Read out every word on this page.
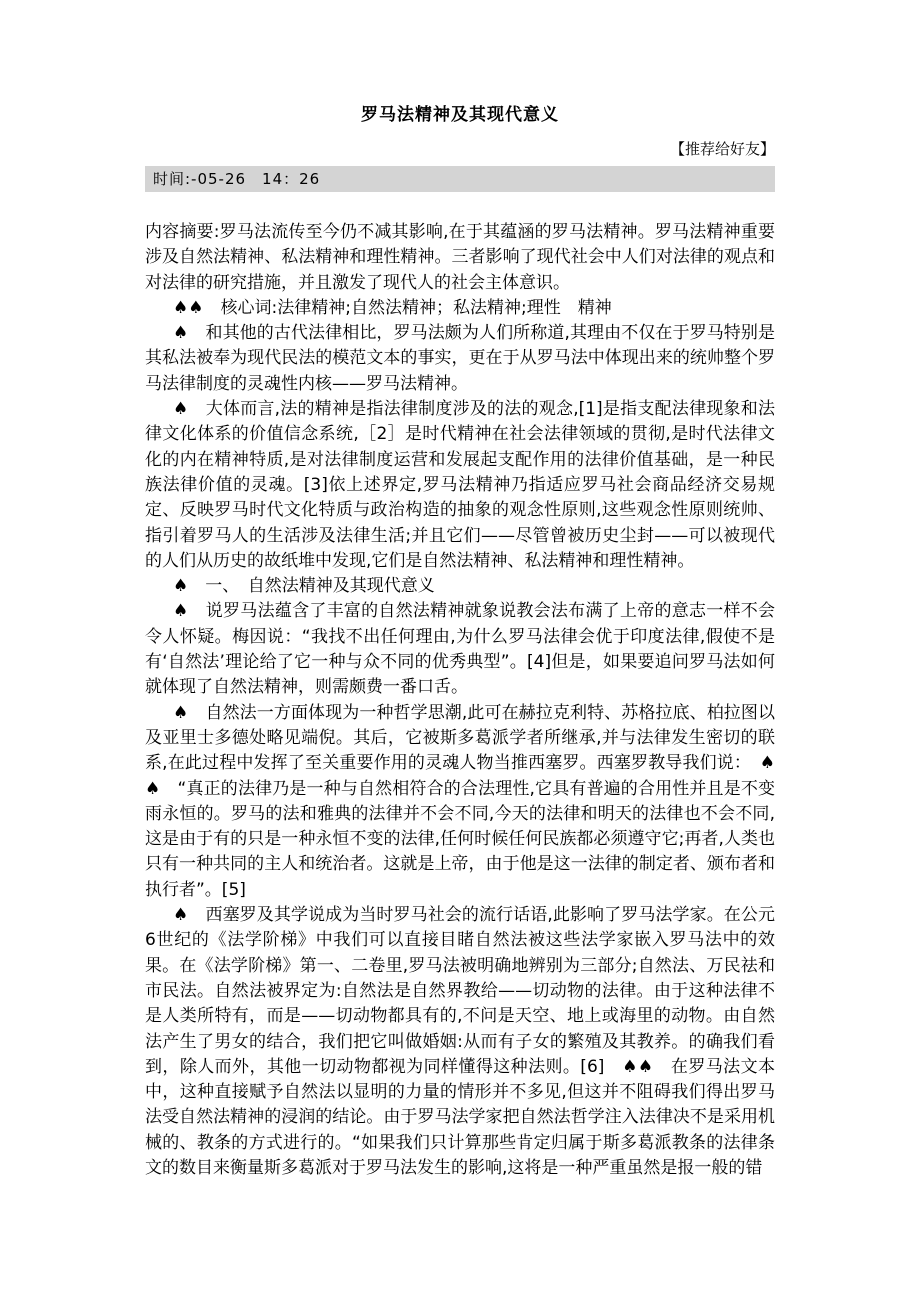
罗马法精神及其现代意义
【推荐给好友】
时间:-05-26　14：26

内容摘要:罗马法流传至今仍不减其影响,在于其蕴涵的罗马法精神。罗马法精神重要涉及自然法精神、私法精神和理性精神。三者影响了现代社会中人们对法律的观点和对法律的研究措施，并且激发了现代人的社会主体意识。

♠♠　核心词:法律精神;自然法精神；私法精神;理性　精神

♠　和其他的古代法律相比，罗马法颇为人们所称道,其理由不仅在于罗马特别是其私法被奉为现代民法的模范文本的事实，更在于从罗马法中体现出来的统帅整个罗马法律制度的灵魂性内核——罗马法精神。

♠　大体而言,法的精神是指法律制度涉及的法的观念,[1]是指支配法律现象和法律文化体系的价值信念系统,［2］是时代精神在社会法律领域的贯彻,是时代法律文化的内在精神特质,是对法律制度运营和发展起支配作用的法律价值基础，是一种民族法律价值的灵魂。[3]依上述界定,罗马法精神乃指适应罗马社会商品经济交易规定、反映罗马时代文化特质与政治构造的抽象的观念性原则,这些观念性原则统帅、指引着罗马人的生活涉及法律生活;并且它们——尽管曾被历史尘封——可以被现代的人们从历史的故纸堆中发现,它们是自然法精神、私法精神和理性精神。

♠　一、　自然法精神及其现代意义

♠　说罗马法蕴含了丰富的自然法精神就象说教会法布满了上帝的意志一样不会令人怀疑。梅因说：“我找不出任何理由,为什么罗马法律会优于印度法律,假使不是有‘自然法’理论给了它一种与众不同的优秀典型”。[4]但是，如果要追问罗马法如何就体现了自然法精神，则需颇费一番口舌。

♠　自然法一方面体现为一种哲学思潮,此可在赫拉克利特、苏格拉底、柏拉图以及亚里士多德处略见端倪。其后，它被斯多葛派学者所继承,并与法律发生密切的联系,在此过程中发挥了至关重要作用的灵魂人物当推西塞罗。西塞罗教导我们说：　♠♠　“真正的法律乃是一种与自然相符合的合法理性,它具有普遍的合用性并且是不变雨永恒的。罗马的法和雅典的法律并不会不同,今天的法律和明天的法律也不会不同,这是由于有的只是一种永恒不变的法律,任何时候任何民族都必须遵守它;再者,人类也只有一种共同的主人和统治者。这就是上帝，由于他是这一法律的制定者、颁布者和执行者”。[5]

♠　西塞罗及其学说成为当时罗马社会的流行话语,此影响了罗马法学家。在公元6世纪的《法学阶梯》中我们可以直接目睹自然法被这些法学家嵌入罗马法中的效果。在《法学阶梯》第一、二卷里,罗马法被明确地辨别为三部分;自然法、万民祛和市民法。自然法被界定为:自然法是自然界教给——切动物的法律。由于这种法律不是人类所特有，而是——切动物都具有的,不问是天空、地上或海里的动物。由自然法产生了男女的结合，我们把它叫做婚姻:从而有子女的繁殖及其教养。的确我们看到，除人而外，其他一切动物都视为同样懂得这种法则。[6]　♠♠　在罗马法文本中，这种直接赋予自然法以显明的力量的情形并不多见,但这并不阻碍我们得出罗马法受自然法精神的浸润的结论。由于罗马法学家把自然法哲学注入法律决不是采用机械的、教条的方式进行的。“如果我们只计算那些肯定归属于斯多葛派教条的法律条文的数目来衡量斯多葛派对于罗马法发生的影响,这将是一种严重虽然是报一般的错
